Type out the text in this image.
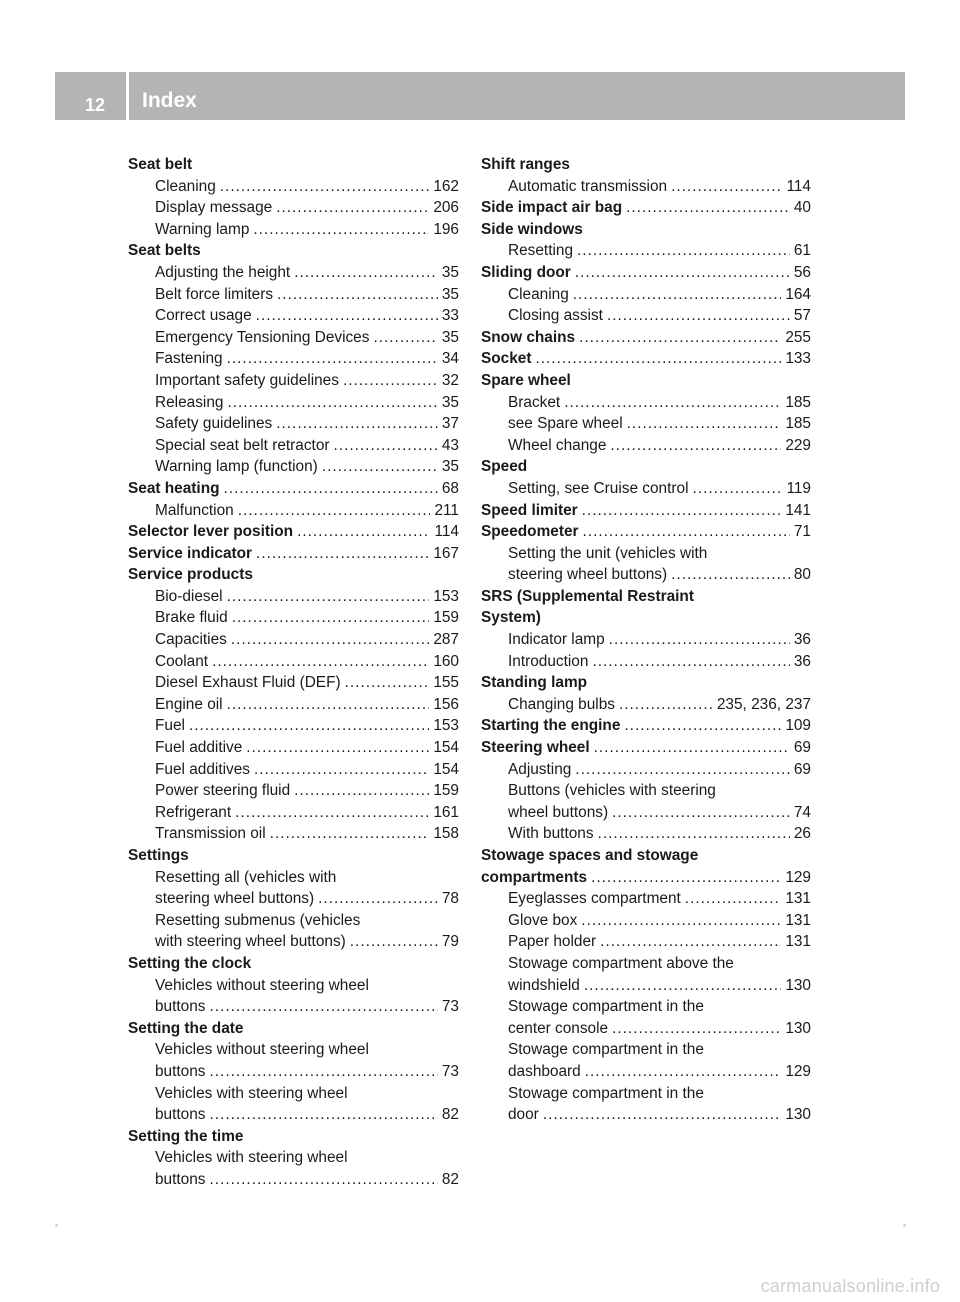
12 Index
Seat belt
Cleaning .....	162
Display message .....	206
Warning lamp .....	196
Seat belts
Adjusting the height .....	35
Belt force limiters .....	35
Correct usage .....	33
Emergency Tensioning Devices .....	35
Fastening .....	34
Important safety guidelines .....	32
Releasing .....	35
Safety guidelines .....	37
Special seat belt retractor .....	43
Warning lamp (function) .....	35
Seat heating .....	68
Malfunction .....	211
Selector lever position .....	114
Service indicator .....	167
Service products
Bio-diesel .....	153
Brake fluid .....	159
Capacities .....	287
Coolant .....	160
Diesel Exhaust Fluid (DEF) .....	155
Engine oil .....	156
Fuel .....	153
Fuel additive .....	154
Fuel additives .....	154
Power steering fluid .....	159
Refrigerant .....	161
Transmission oil .....	158
Settings
Resetting all (vehicles with
steering wheel buttons) .....	78
Resetting submenus (vehicles
with steering wheel buttons) .....	79
Setting the clock
Vehicles without steering wheel
buttons .....	73
Setting the date
Vehicles without steering wheel
buttons .....	73
Vehicles with steering wheel
buttons .....	82
Setting the time
Vehicles with steering wheel
buttons .....	82
Shift ranges
Automatic transmission .....	114
Side impact air bag .....	40
Side windows
Resetting .....	61
Sliding door .....	56
Cleaning .....	164
Closing assist .....	57
Snow chains .....	255
Socket .....	133
Spare wheel
Bracket .....	185
see Spare wheel .....	185
Wheel change .....	229
Speed
Setting, see Cruise control .....	119
Speed limiter .....	141
Speedometer .....	71
Setting the unit (vehicles with
steering wheel buttons) .....	80
SRS (Supplemental Restraint
System)
Indicator lamp .....	36
Introduction .....	36
Standing lamp
Changing bulbs .....	235, 236, 237
Starting the engine .....	109
Steering wheel .....	69
Adjusting .....	69
Buttons (vehicles with steering
wheel buttons) .....	74
With buttons .....	26
Stowage spaces and stowage
compartments .....	129
Eyeglasses compartment .....	131
Glove box .....	131
Paper holder .....	131
Stowage compartment above the
windshield .....	130
Stowage compartment in the
center console .....	130
Stowage compartment in the
dashboard .....	129
Stowage compartment in the
door .....	130
carmanualsonline.info
